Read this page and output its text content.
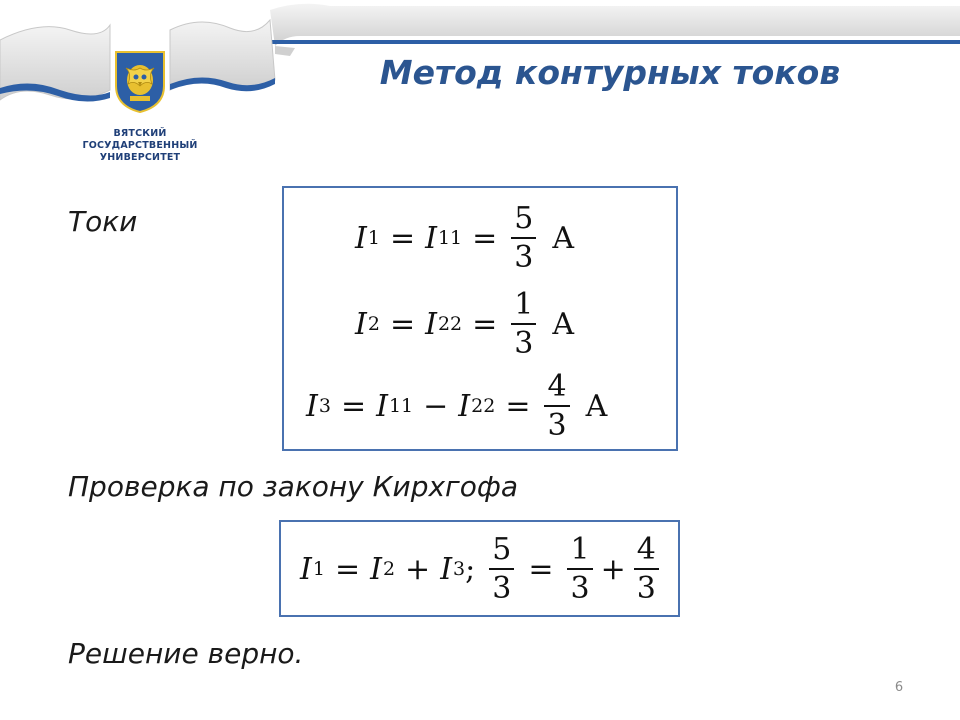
ВЯТСКИЙ
ГОСУДАРСТВЕННЫЙ
УНИВЕРСИТЕТ
Метод контурных токов
Токи	I 1 = I $11 = \frac{5}{3}$ A
I 2 = I $22 = \frac{1}{3}$ A
I 3 = I 11 − I $22 = \frac{4}{3}$ A
Проверка по закону Кирхгофа
I 1 = I 2 + I 3 ; $\frac{5}{3} = \frac{1}{3} + \frac{4}{3}$
Решение верно.
6
